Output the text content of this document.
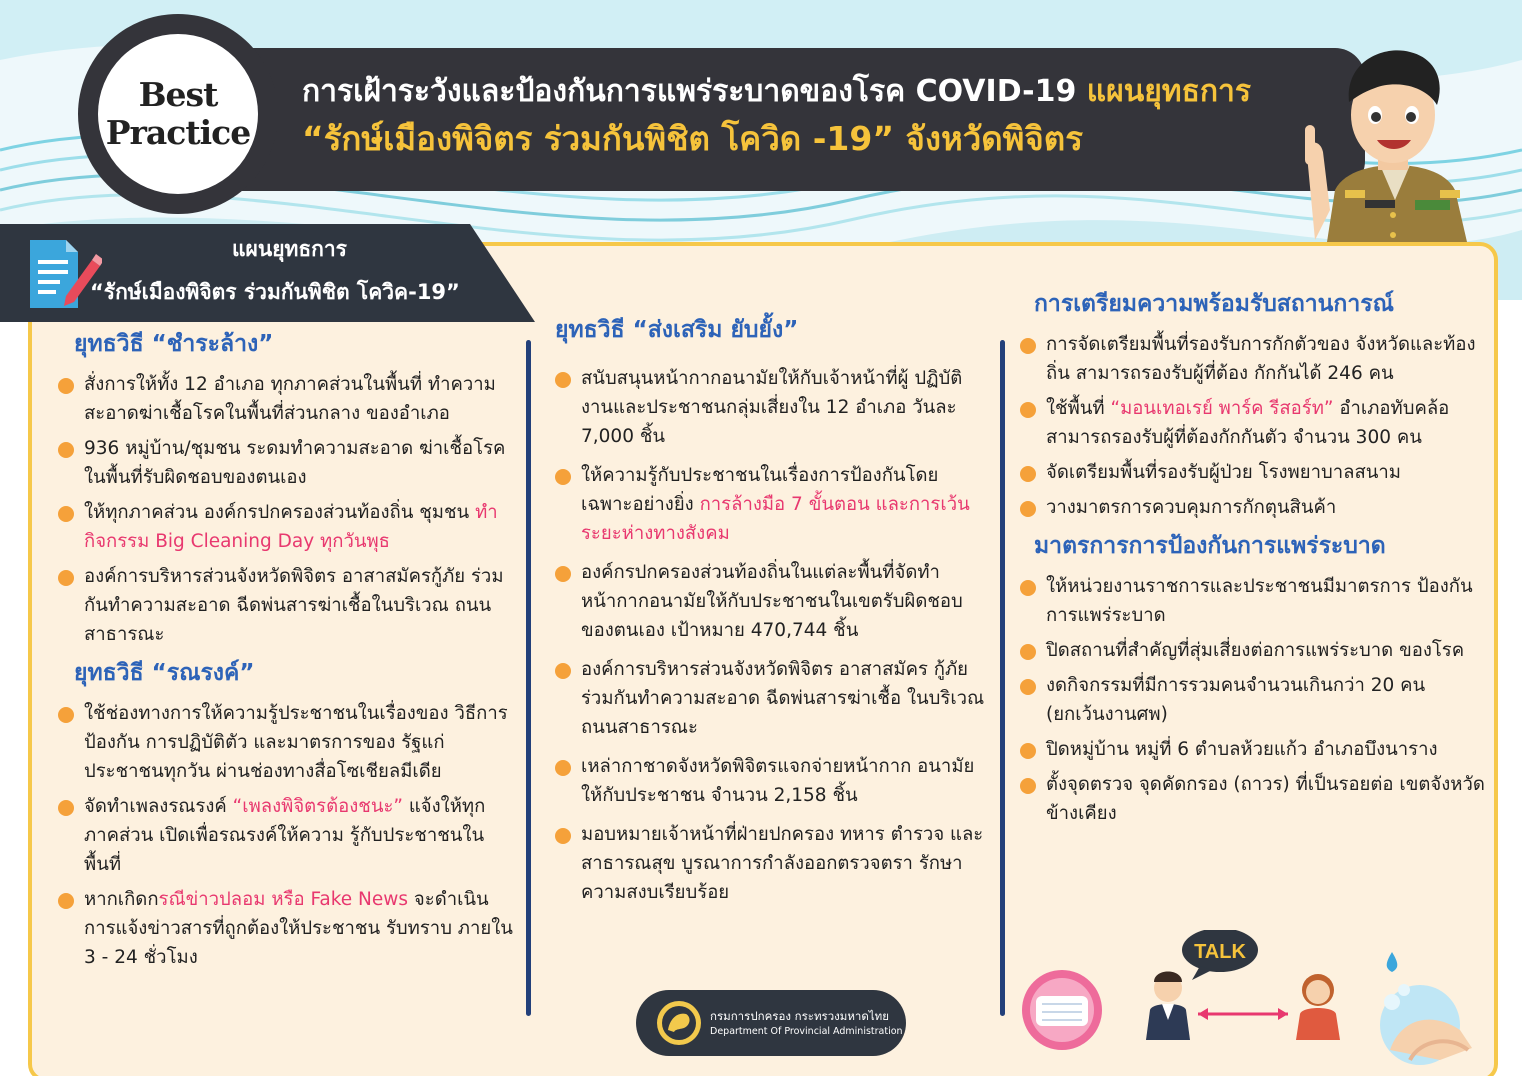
การเฝ้าระวังและป้องกันการแพร่ระบาดของโรค COVID-19 แผนยุทธการ
“รักษ์เมืองพิจิตร ร่วมกันพิชิต โควิด -19” จังหวัดพิจิตร
Best
Practice
แผนยุทธการ
“รักษ์เมืองพิจิตร ร่วมกันพิชิต โควิค-19”
ยุทธวิธี “ชำระล้าง”
สั่งการให้ทั้ง 12 อำเภอ ทุกภาคส่วนในพื้นที่ ทำความสะอาดฆ่าเชื้อโรคในพื้นที่ส่วนกลาง ของอำเภอ
936 หมู่บ้าน/ชุมชน ระดมทำความสะอาด ฆ่าเชื้อโรคในพื้นที่รับผิดชอบของตนเอง
ให้ทุกภาคส่วน องค์กรปกครองส่วนท้องถิ่น ชุมชน ทำกิจกรรม Big Cleaning Day ทุกวันพุธ
องค์การบริหารส่วนจังหวัดพิจิตร อาสาสมัครกู้ภัย ร่วมกันทำความสะอาด ฉีดพ่นสารฆ่าเชื้อในบริเวณ ถนนสาธารณะ
ยุทธวิธี “รณรงค์”
ใช้ช่องทางการให้ความรู้ประชาชนในเรื่องของ วิธีการป้องกัน การปฏิบัติตัว และมาตรการของ รัฐแก่ประชาชนทุกวัน ผ่านช่องทางสื่อโซเชียลมีเดีย
จัดทำเพลงรณรงค์ “เพลงพิจิตรต้องชนะ” แจ้งให้ทุกภาคส่วน เปิดเพื่อรณรงค์ให้ความ รู้กับประชาชนในพื้นที่
หากเกิดกรณีข่าวปลอม หรือ Fake News จะดำเนินการแจ้งข่าวสารที่ถูกต้องให้ประชาชน รับทราบ ภายใน 3 - 24 ชั่วโมง
ยุทธวิธี “ส่งเสริม ยับยั้ง”
สนับสนุนหน้ากากอนามัยให้กับเจ้าหน้าที่ผู้ ปฏิบัติงานและประชาชนกลุ่มเสี่ยงใน 12 อำเภอ วันละ 7,000 ชิ้น
ให้ความรู้กับประชาชนในเรื่องการป้องกันโดย เฉพาะอย่างยิ่ง การล้างมือ 7 ขั้นตอน และการเว้นระยะห่างทางสังคม
องค์กรปกครองส่วนท้องถิ่นในแต่ละพื้นที่จัดทำ หน้ากากอนามัยให้กับประชาชนในเขตรับผิดชอบ ของตนเอง เป้าหมาย 470,744 ชิ้น
องค์การบริหารส่วนจังหวัดพิจิตร อาสาสมัคร กู้ภัย ร่วมกันทำความสะอาด ฉีดพ่นสารฆ่าเชื้อ ในบริเวณถนนสาธารณะ
เหล่ากาชาดจังหวัดพิจิตรแจกจ่ายหน้ากาก อนามัย ให้กับประชาชน จำนวน 2,158 ชิ้น
มอบหมายเจ้าหน้าที่ฝ่ายปกครอง ทหาร ตำรวจ และสาธารณสุข บูรณาการกำลังออกตรวจตรา รักษาความสงบเรียบร้อย
การเตรียมความพร้อมรับสถานการณ์
การจัดเตรียมพื้นที่รองรับการกักตัวของ จังหวัดและท้องถิ่น สามารถรองรับผู้ที่ต้อง กักกันได้ 246 คน
ใช้พื้นที่ “มอนเทอเรย์ พาร์ค รีสอร์ท” อำเภอทับคล้อ สามารถรองรับผู้ที่ต้องกักกันตัว จำนวน 300 คน
จัดเตรียมพื้นที่รองรับผู้ป่วย โรงพยาบาลสนาม
วางมาตรการควบคุมการกักตุนสินค้า
มาตรการการป้องกันการแพร่ระบาด
ให้หน่วยงานราชการและประชาชนมีมาตรการ ป้องกันการแพร่ระบาด
ปิดสถานที่สำคัญที่สุ่มเสี่ยงต่อการแพร่ระบาด ของโรค
งดกิจกรรมที่มีการรวมคนจำนวนเกินกว่า 20 คน (ยกเว้นงานศพ)
ปิดหมู่บ้าน หมู่ที่ 6 ตำบลห้วยแก้ว อำเภอบึงนาราง
ตั้งจุดตรวจ จุดคัดกรอง (ถาวร) ที่เป็นรอยต่อ เขตจังหวัดข้างเคียง
กรมการปกครอง กระทรวงมหาดไทย
Department Of Provincial Administration
TALK
